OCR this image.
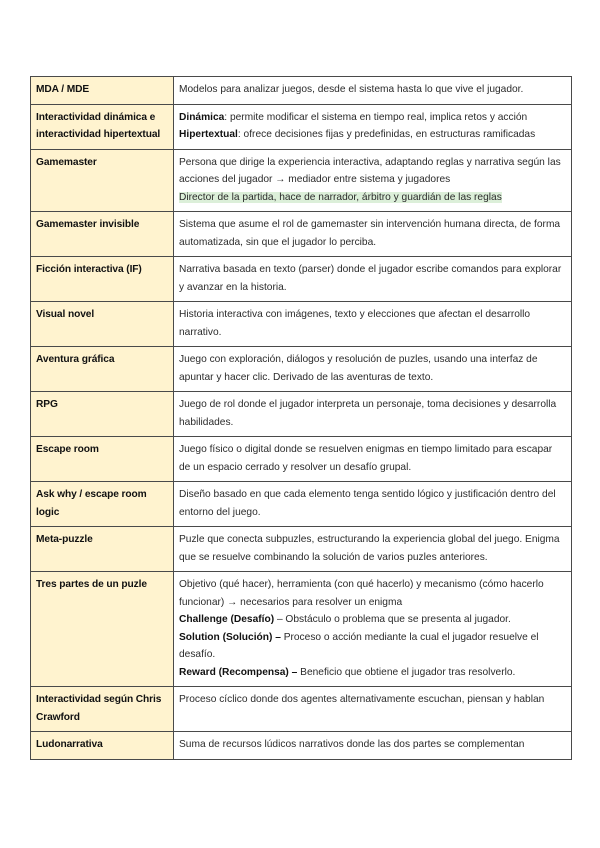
MDA / MDE	Modelos para analizar juegos, desde el sistema hasta lo que vive el jugador.
Interactividad dinámica e interactividad hipertextual	Dinámica: permite modificar el sistema en tiempo real, implica retos y acción
Hipertextual: ofrece decisiones fijas y predefinidas, en estructuras ramificadas

Gamemaster	Persona que dirige la experiencia interactiva, adaptando reglas y narrativa según las acciones del jugador → mediador entre sistema y jugadores
Director de la partida, hace de narrador, árbitro y guardián de las reglas
Gamemaster invisible	Sistema que asume el rol de gamemaster sin intervención humana directa, de forma automatizada, sin que el jugador lo perciba.
Ficción interactiva (IF)	Narrativa basada en texto (parser) donde el jugador escribe comandos para explorar y avanzar en la historia.
Visual novel	Historia interactiva con imágenes, texto y elecciones que afectan el desarrollo narrativo.
Aventura gráfica	Juego con exploración, diálogos y resolución de puzles, usando una interfaz de apuntar y hacer clic. Derivado de las aventuras de texto.
RPG	Juego de rol donde el jugador interpreta un personaje, toma decisiones y desarrolla habilidades.
Escape room	Juego físico o digital donde se resuelven enigmas en tiempo limitado para escapar de un espacio cerrado y resolver un desafío grupal.
Ask why / escape room logic	Diseño basado en que cada elemento tenga sentido lógico y justificación dentro del entorno del juego.
Meta-puzzle	Puzle que conecta subpuzles, estructurando la experiencia global del juego. Enigma que se resuelve combinando la solución de varios puzles anteriores.
Tres partes de un puzle	Objetivo (qué hacer), herramienta (con qué hacerlo) y mecanismo (cómo hacerlo funcionar) → necesarios para resolver un enigma
Challenge (Desafío) – Obstáculo o problema que se presenta al jugador.
Solution (Solución) – Proceso o acción mediante la cual el jugador resuelve el desafío.
Reward (Recompensa) – Beneficio que obtiene el jugador tras resolverlo.

Interactividad según Chris Crawford	Proceso cíclico donde dos agentes alternativamente escuchan, piensan y hablan
Ludonarrativa	Suma de recursos lúdicos narrativos donde las dos partes se complementan
